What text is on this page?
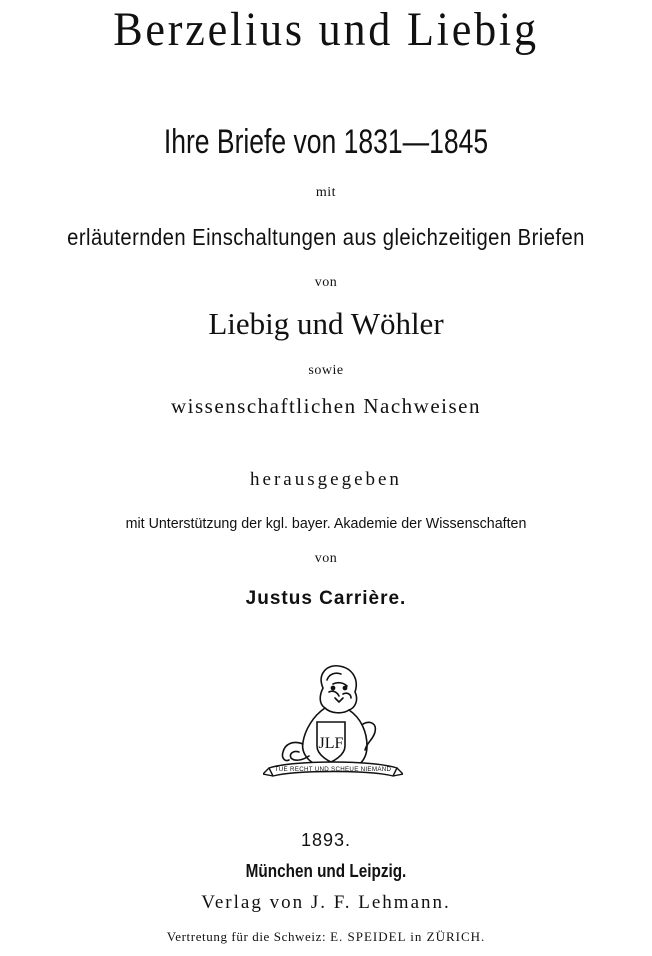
Berzelius und Liebig
Ihre Briefe von 1831—1845
mit
erläuternden Einschaltungen aus gleichzeitigen Briefen
von
Liebig und Wöhler
sowie
wissenschaftlichen Nachweisen
herausgegeben
mit Unterstützung der kgl. bayer. Akademie der Wissenschaften
von
Justus Carrière.
JLF
TUE RECHT UND SCHEUE NIEMAND
1893.
München und Leipzig.
Verlag von J. F. Lehmann.
Vertretung für die Schweiz: E. SPEIDEL in ZÜRICH.
